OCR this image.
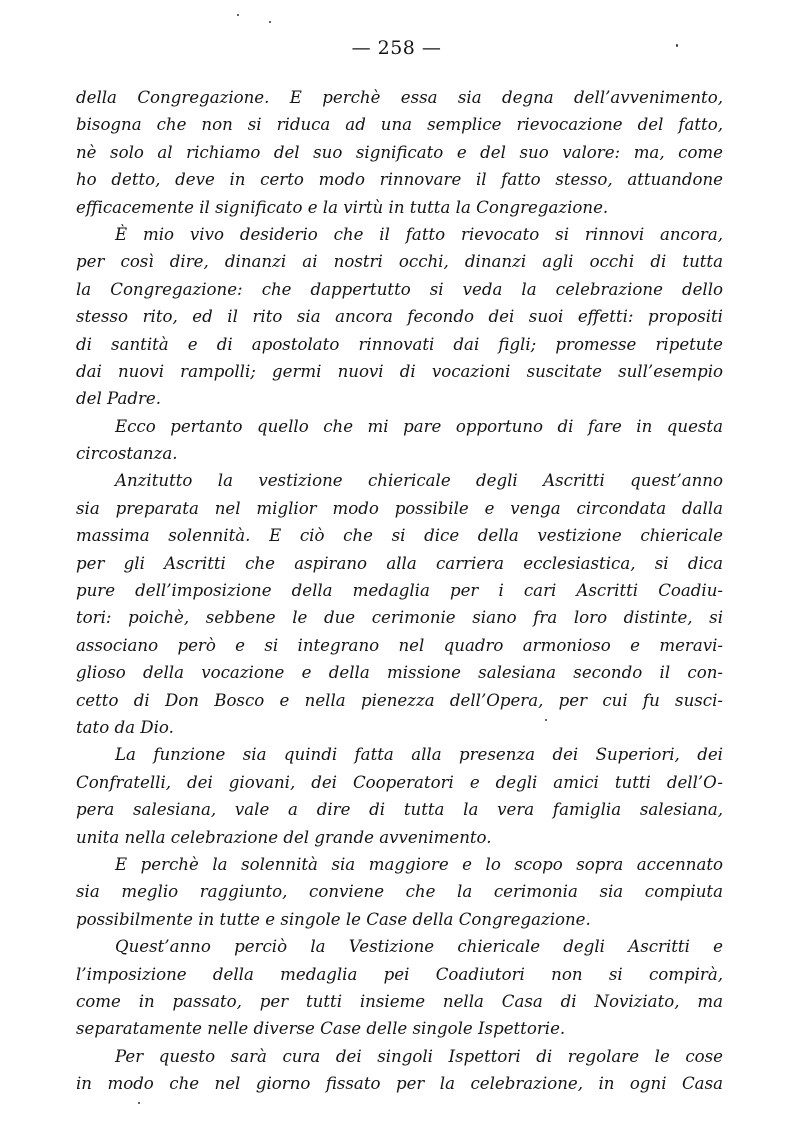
— 258 —
della Congregazione. E perchè essa sia degna dell’avvenimento,
bisogna che non si riduca ad una semplice rievocazione del fatto,
nè solo al richiamo del suo significato e del suo valore: ma, come
ho detto, deve in certo modo rinnovare il fatto stesso, attuandone
efficacemente il significato e la virtù in tutta la Congregazione.
È mio vivo desiderio che il fatto rievocato si rinnovi ancora,
per così dire, dinanzi ai nostri occhi, dinanzi agli occhi di tutta
la Congregazione: che dappertutto si veda la celebrazione dello
stesso rito, ed il rito sia ancora fecondo dei suoi effetti: propositi
di santità e di apostolato rinnovati dai figli; promesse ripetute
dai nuovi rampolli; germi nuovi di vocazioni suscitate sull’esempio
del Padre.
Ecco pertanto quello che mi pare opportuno di fare in questa
circostanza.
Anzitutto la vestizione chiericale degli Ascritti quest’anno
sia preparata nel miglior modo possibile e venga circondata dalla
massima solennità. E ciò che si dice della vestizione chiericale
per gli Ascritti che aspirano alla carriera ecclesiastica, si dica
pure dell’imposizione della medaglia per i cari Ascritti Coadiu-
tori: poichè, sebbene le due cerimonie siano fra loro distinte, si
associano però e si integrano nel quadro armonioso e meravi-
glioso della vocazione e della missione salesiana secondo il con-
cetto di Don Bosco e nella pienezza dell’Opera, per cui fu susci-
tato da Dio.
La funzione sia quindi fatta alla presenza dei Superiori, dei
Confratelli, dei giovani, dei Cooperatori e degli amici tutti dell’O-
pera salesiana, vale a dire di tutta la vera famiglia salesiana,
unita nella celebrazione del grande avvenimento.
E perchè la solennità sia maggiore e lo scopo sopra accennato
sia meglio raggiunto, conviene che la cerimonia sia compiuta
possibilmente in tutte e singole le Case della Congregazione.
Quest’anno perciò la Vestizione chiericale degli Ascritti e
l’imposizione della medaglia pei Coadiutori non si compirà,
come in passato, per tutti insieme nella Casa di Noviziato, ma
separatamente nelle diverse Case delle singole Ispettorie.
Per questo sarà cura dei singoli Ispettori di regolare le cose
in modo che nel giorno fissato per la celebrazione, in ogni Casa
